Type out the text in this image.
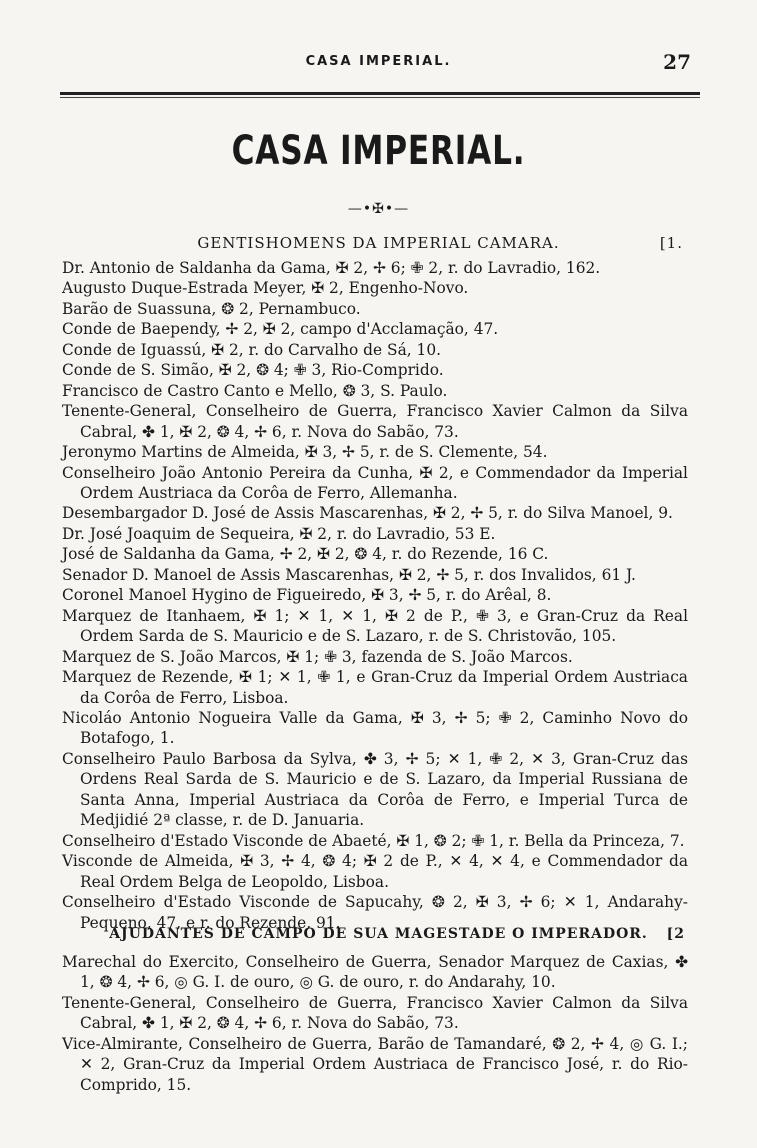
CASA IMPERIAL.	27
CASA IMPERIAL.
—•✠•—
GENTISHOMENS DA IMPERIAL CAMARA.	[1.

Dr. Antonio de Saldanha da Gama, ✠ 2, ✢ 6; ✙ 2, r. do Lavradio, 162.

Augusto Duque-Estrada Meyer, ✠ 2, Engenho-Novo.

Barão de Suassuna, ❂ 2, Pernambuco.

Conde de Baependy, ✢ 2, ✠ 2, campo d'Acclamação, 47.

Conde de Iguassú, ✠ 2, r. do Carvalho de Sá, 10.

Conde de S. Simão, ✠ 2, ❂ 4; ✙ 3, Rio-Comprido.

Francisco de Castro Canto e Mello, ❂ 3, S. Paulo.

Tenente-General, Conselheiro de Guerra, Francisco Xavier Calmon da Silva Cabral, ✤ 1, ✠ 2, ❂ 4, ✢ 6, r. Nova do Sabão, 73.

Jeronymo Martins de Almeida, ✠ 3, ✢ 5, r. de S. Clemente, 54.

Conselheiro João Antonio Pereira da Cunha, ✠ 2, e Commendador da Imperial Ordem Austriaca da Corôa de Ferro, Allemanha.

Desembargador D. José de Assis Mascarenhas, ✠ 2, ✢ 5, r. do Silva Manoel, 9.

Dr. José Joaquim de Sequeira, ✠ 2, r. do Lavradio, 53 E.

José de Saldanha da Gama, ✢ 2, ✠ 2, ❂ 4, r. do Rezende, 16 C.

Senador D. Manoel de Assis Mascarenhas, ✠ 2, ✢ 5, r. dos Invalidos, 61 J.

Coronel Manoel Hygino de Figueiredo, ✠ 3, ✢ 5, r. do Arêal, 8.

Marquez de Itanhaem, ✠ 1; ✕ 1, ✕ 1, ✠ 2 de P., ✙ 3, e Gran-Cruz da Real Ordem Sarda de S. Mauricio e de S. Lazaro, r. de S. Christovão, 105.

Marquez de S. João Marcos, ✠ 1; ✙ 3, fazenda de S. João Marcos.

Marquez de Rezende, ✠ 1; ✕ 1, ✙ 1, e Gran-Cruz da Imperial Ordem Austriaca da Corôa de Ferro, Lisboa.

Nicoláo Antonio Nogueira Valle da Gama, ✠ 3, ✢ 5; ✙ 2, Caminho Novo do Botafogo, 1.

Conselheiro Paulo Barbosa da Sylva, ✤ 3, ✢ 5; ✕ 1, ✙ 2, ✕ 3, Gran-Cruz das Ordens Real Sarda de S. Mauricio e de S. Lazaro, da Imperial Russiana de Santa Anna, Imperial Austriaca da Corôa de Ferro, e Imperial Turca de Medjidié 2ª classe, r. de D. Januaria.

Conselheiro d'Estado Visconde de Abaeté, ✠ 1, ❂ 2; ✙ 1, r. Bella da Princeza, 7.

Visconde de Almeida, ✠ 3, ✢ 4, ❂ 4; ✠ 2 de P., ✕ 4, ✕ 4, e Commendador da Real Ordem Belga de Leopoldo, Lisboa.

Conselheiro d'Estado Visconde de Sapucahy, ❂ 2, ✠ 3, ✢ 6; ✕ 1, Andarahy-Pequeno, 47, e r. do Rezende, 91.

AJUDANTES DE CAMPO DE SUA MAGESTADE O IMPERADOR. [2

Marechal do Exercito, Conselheiro de Guerra, Senador Marquez de Caxias, ✤ 1, ❂ 4, ✢ 6, ◎ G. I. de ouro, ◎ G. de ouro, r. do Andarahy, 10.

Tenente-General, Conselheiro de Guerra, Francisco Xavier Calmon da Silva Cabral, ✤ 1, ✠ 2, ❂ 4, ✢ 6, r. Nova do Sabão, 73.

Vice-Almirante, Conselheiro de Guerra, Barão de Tamandaré, ❂ 2, ✢ 4, ◎ G. I.; ✕ 2, Gran-Cruz da Imperial Ordem Austriaca de Francisco José, r. do Rio-Comprido, 15.
